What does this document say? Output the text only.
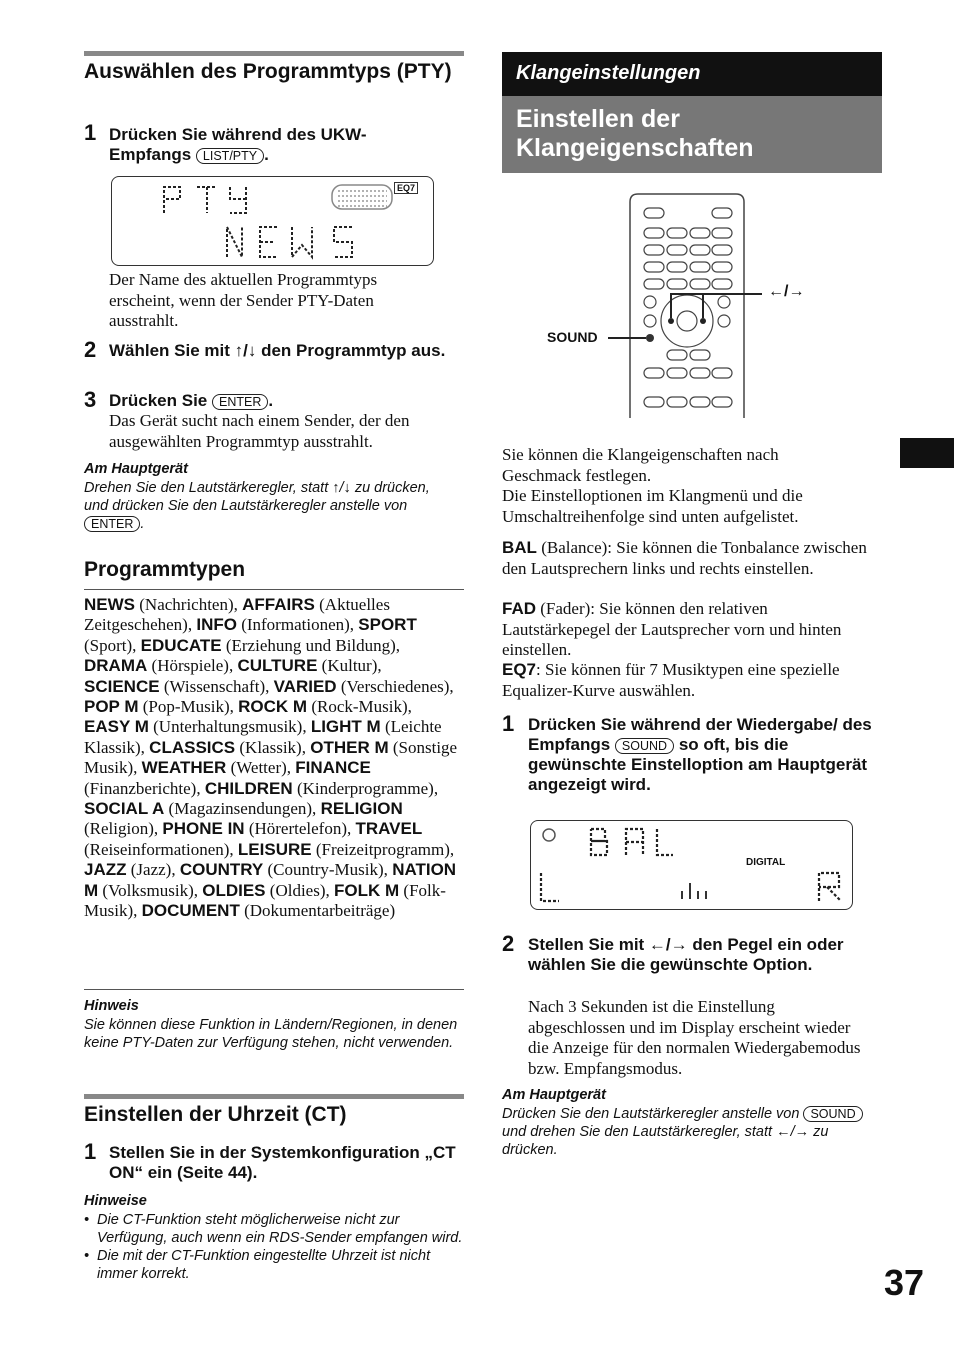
Auswählen des Programmtyps (PTY)
1 Drücken Sie während des UKW-Empfangs LIST/PTY .
EQ7
Der Name des aktuellen Programmtyps erscheint, wenn der Sender PTY-Daten ausstrahlt.
2 Wählen Sie mit ↑/↓ den Programmtyp aus.
3 Drücken Sie ENTER .
Das Gerät sucht nach einem Sender, der den ausgewählten Programmtyp ausstrahlt.
Am Hauptgerät
Drehen Sie den Lautstärkeregler, statt ↑/↓ zu drücken, und drücken Sie den Lautstärkeregler anstelle von ENTER .
Programmtypen
NEWS (Nachrichten), AFFAIRS (Aktuelles Zeitgeschehen), INFO (Informationen), SPORT (Sport), EDUCATE (Erziehung und Bildung), DRAMA (Hörspiele), CULTURE (Kultur), SCIENCE (Wissenschaft), VARIED (Verschiedenes), POP M (Pop-Musik), ROCK M (Rock-Musik), EASY M (Unterhaltungsmusik), LIGHT M (Leichte Klassik), CLASSICS (Klassik), OTHER M (Sonstige Musik), WEATHER (Wetter), FINANCE (Finanzberichte), CHILDREN (Kinderprogramme), SOCIAL A (Magazinsendungen), RELIGION (Religion), PHONE IN (Hörertelefon), TRAVEL (Reiseinformationen), LEISURE (Freizeitprogramm), JAZZ (Jazz), COUNTRY (Country-Musik), NATION M (Volksmusik), OLDIES (Oldies), FOLK M (Folk-Musik), DOCUMENT (Dokumentarbeiträge)
Hinweis
Sie können diese Funktion in Ländern/Regionen, in denen keine PTY-Daten zur Verfügung stehen, nicht verwenden.
Einstellen der Uhrzeit (CT)
1 Stellen Sie in der Systemkonfiguration „CT ON“ ein (Seite 44).
Hinweise
• Die CT-Funktion steht möglicherweise nicht zur Verfügung, auch wenn ein RDS-Sender empfangen wird.
• Die mit der CT-Funktion eingestellte Uhrzeit ist nicht immer korrekt.
Klangeinstellungen
Einstellen der Klangeigenschaften
SOUND
←/→
Sie können die Klangeigenschaften nach Geschmack festlegen.
Die Einstelloptionen im Klangmenü und die Umschaltreihenfolge sind unten aufgelistet.
BAL (Balance): Sie können die Tonbalance zwischen den Lautsprechern links und rechts einstellen.
FAD (Fader): Sie können den relativen Lautstärkepegel der Lautsprecher vorn und hinten einstellen.
EQ7: Sie können für 7 Musiktypen eine spezielle Equalizer-Kurve auswählen.
1 Drücken Sie während der Wiedergabe/ des Empfangs SOUND so oft, bis die gewünschte Einstelloption am Hauptgerät angezeigt wird.
DIGITAL
2 Stellen Sie mit ←/→ den Pegel ein oder wählen Sie die gewünschte Option.
Nach 3 Sekunden ist die Einstellung abgeschlossen und im Display erscheint wieder die Anzeige für den normalen Wiedergabemodus bzw. Empfangsmodus.
Am Hauptgerät
Drücken Sie den Lautstärkeregler anstelle von SOUND und drehen Sie den Lautstärkeregler, statt ←/→ zu drücken.
37
